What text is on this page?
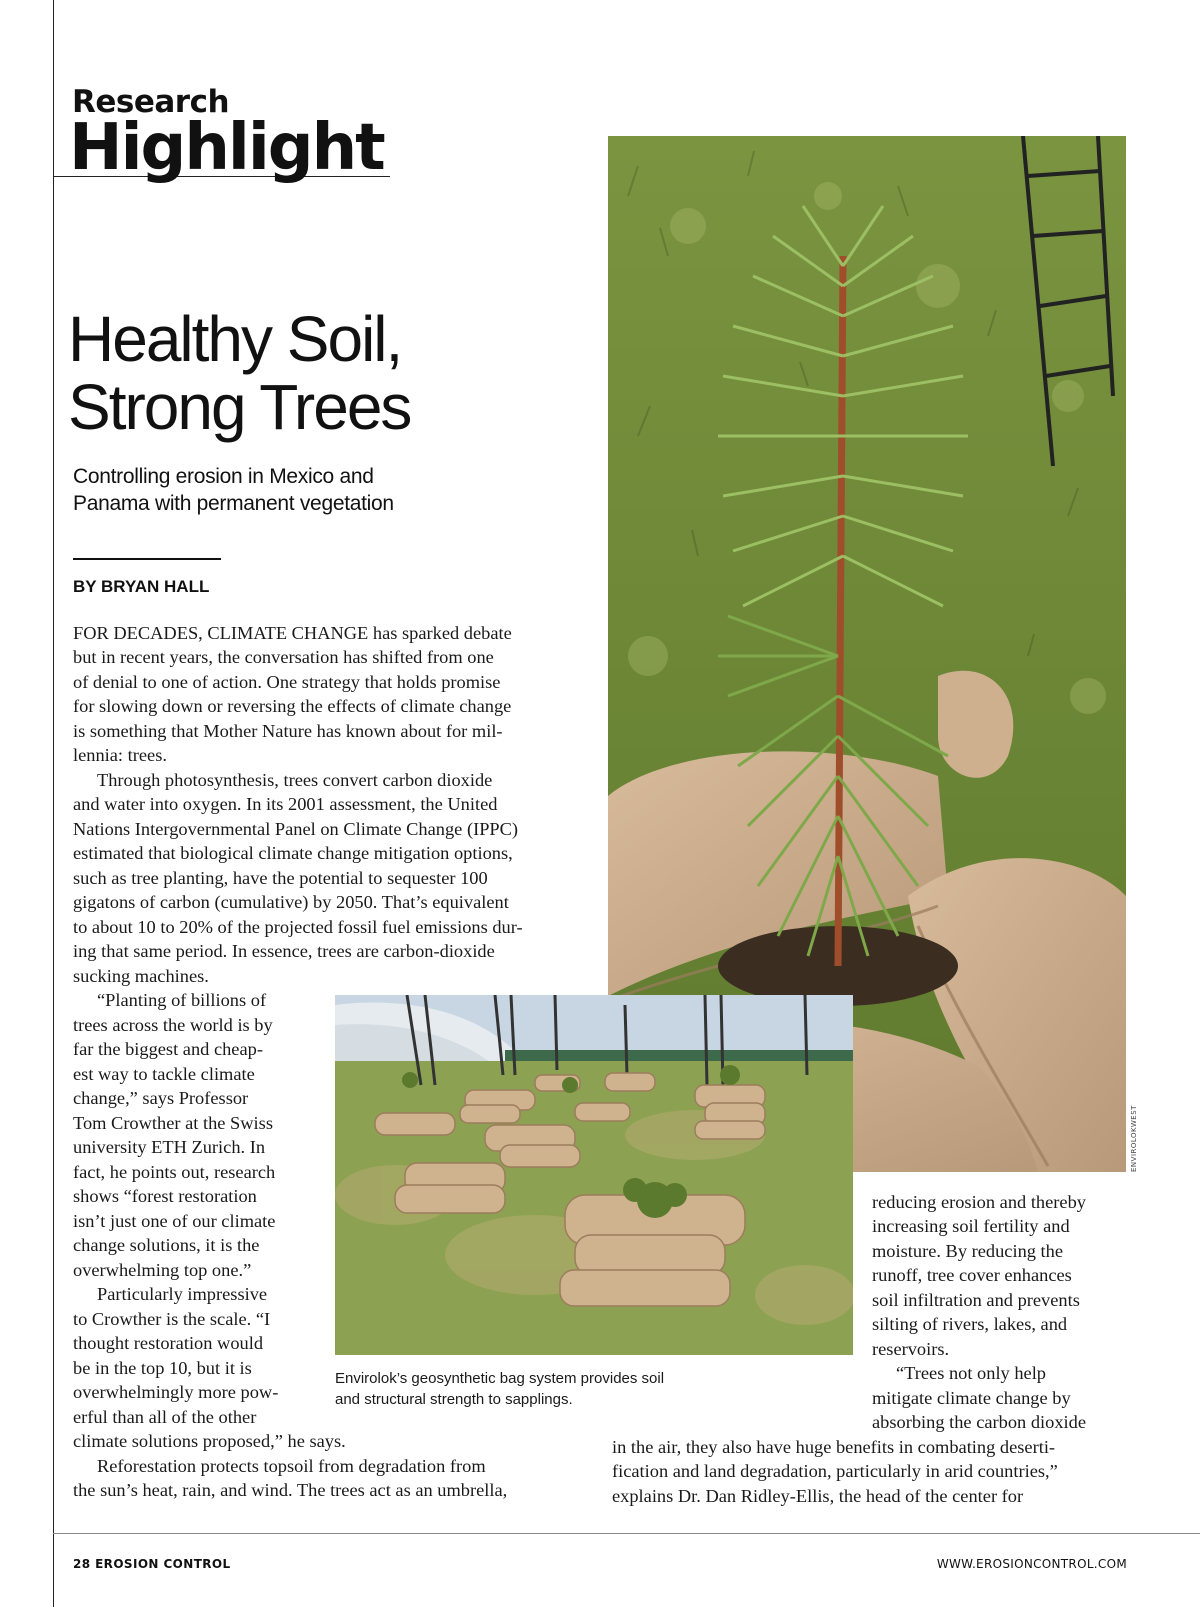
Research
Highlight
Healthy Soil,
Strong Trees
Controlling erosion in Mexico and
Panama with permanent vegetation
BY BRYAN HALL
ENVIROLOKWEST
Envirolok’s geosynthetic bag system provides soil
and structural strength to sapplings.
FOR DECADES, CLIMATE CHANGE has sparked debate
but in recent years, the conversation has shifted from one
of denial to one of action. One strategy that holds promise
for slowing down or reversing the effects of climate change
is something that Mother Nature has known about for mil-
lennia: trees.
Through photosynthesis, trees convert carbon dioxide
and water into oxygen. In its 2001 assessment, the United
Nations Intergovernmental Panel on Climate Change (IPPC)
estimated that biological climate change mitigation options,
such as tree planting, have the potential to sequester 100
gigatons of carbon (cumulative) by 2050. That’s equivalent
to about 10 to 20% of the projected fossil fuel emissions dur-
ing that same period. In essence, trees are carbon-dioxide
sucking machines.
“Planting of billions of
trees across the world is by
far the biggest and cheap-
est way to tackle climate
change,” says Professor
Tom Crowther at the Swiss
university ETH Zurich. In
fact, he points out, research
shows “forest restoration
isn’t just one of our climate
change solutions, it is the
overwhelming top one.”
Particularly impressive
to Crowther is the scale. “I
thought restoration would
be in the top 10, but it is
overwhelmingly more pow-
erful than all of the other
climate solutions proposed,” he says.
Reforestation protects topsoil from degradation from
the sun’s heat, rain, and wind. The trees act as an umbrella,
reducing erosion and thereby
increasing soil fertility and
moisture. By reducing the
runoff, tree cover enhances
soil infiltration and prevents
silting of rivers, lakes, and
reservoirs.
“Trees not only help
mitigate climate change by
absorbing the carbon dioxide
in the air, they also have huge benefits in combating deserti-
fication and land degradation, particularly in arid countries,”
explains Dr. Dan Ridley-Ellis, the head of the center for
28 EROSION CONTROL	WWW.EROSIONCONTROL.COM
